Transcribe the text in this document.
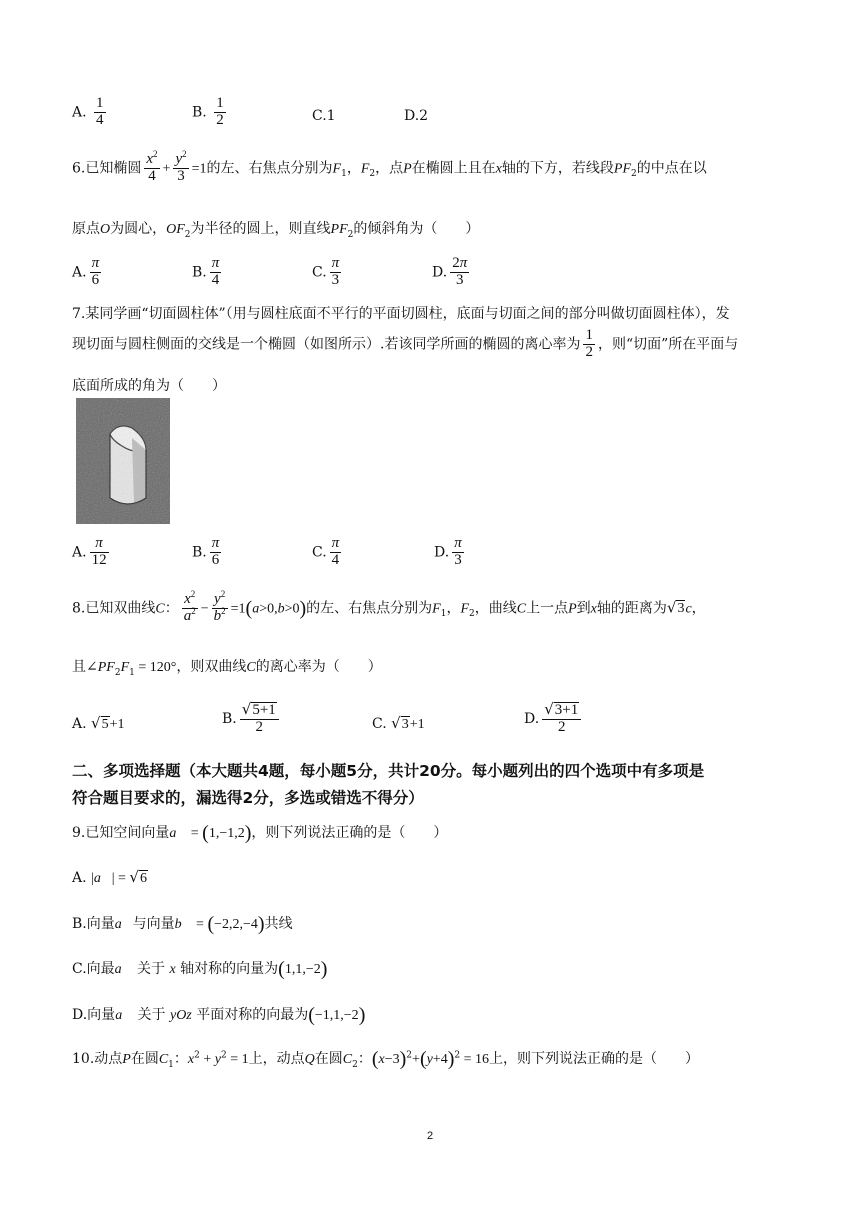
A. $\frac{1}{4}$	B. $\frac{1}{2}$	C.1	D.2
6.已知椭圆 $\frac{x^2}{4} + \frac{y^2}{3} =1$的左、右焦点分别为$F_1$，$F_2$，点P在椭圆上且在x轴的下方，若线段$PF_2$的中点在以
原点O为圆心，$OF_2$为半径的圆上，则直线$PF_2$的倾斜角为（　　）
A. $\frac{\pi}{6}$	B. $\frac{\pi}{4}$	C. $\frac{\pi}{3}$	D. $\frac{2\pi}{3}$
7.某同学画“切面圆柱体”（用与圆柱底面不平行的平面切圆柱，底面与切面之间的部分叫做切面圆柱体），发
现切面与圆柱侧面的交线是一个椭圆（如图所示）.若该同学所画的椭圆的离心率为 $\frac{1}{2}$ ，则“切面”所在平面与
底面所成的角为（　　）
A. $\frac{\pi}{12}$	B. $\frac{\pi}{6}$	C. $\frac{\pi}{4}$	D. $\frac{\pi}{3}$
8.已知双曲线C： $\frac{x^2}{a^2} - \frac{y^2}{b^2} =1(a>0,b>0)$的左、右焦点分别为$F_1$，$F_2$，曲线C上一点P到x轴的距离为√3c，
且$\angle PF_2F_1 = 120^\circ$，则双曲线C的离心率为（　　）
A. √5+1	B. $\frac{√5+1}{2}$	C. √3+1	D. $\frac{√3+1}{2}$
二、多项选择题（本大题共4题，每小题5分，共计20分。每小题列出的四个选项中有多项是
符合题目要求的，漏选得2分，多选或错选不得分）
9.已知空间向量a⃗ = (1,−1,2)，则下列说法正确的是（　　）
A. |a⃗| = √6
B.向量a⃗与向量b⃗ = (−2,2,−4)共线
C.向最a⃗ 关于 x 轴对称的向量为(1,1,−2)
D.向量a⃗ 关于 yOz 平面对称的向最为(−1,1,−2)
10.动点P在圆$C_1$：$x^2 + y^2 = 1$上，动点Q在圆$C_2$：$(x-3)^2+(y+4)^2 = 16$上，则下列说法正确的是（　　）
2
